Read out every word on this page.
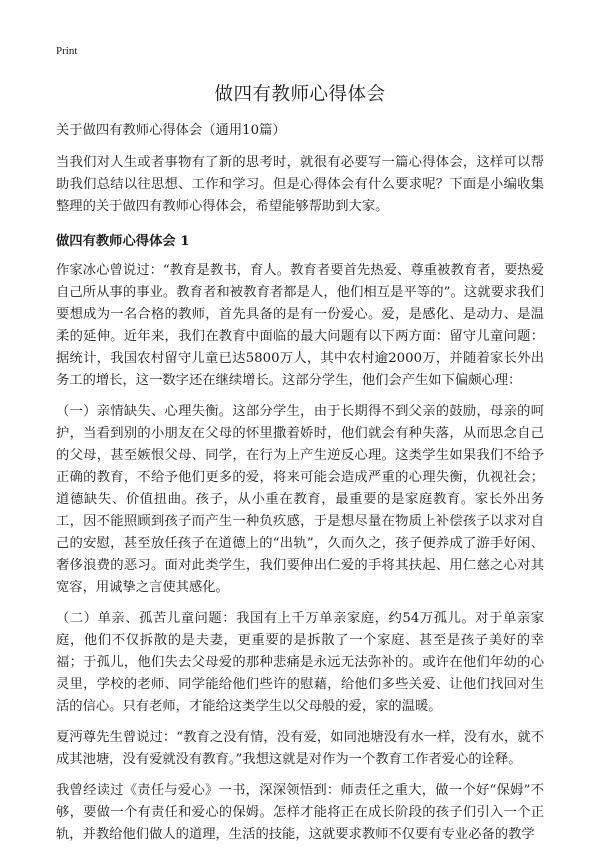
Print
做四有教师心得体会

关于做四有教师心得体会（通用10篇）

当我们对人生或者事物有了新的思考时，就很有必要写一篇心得体会，这样可以帮助我们总结以往思想、工作和学习。但是心得体会有什么要求呢？下面是小编收集整理的关于做四有教师心得体会，希望能够帮助到大家。

做四有教师心得体会 1

作家冰心曾说过：“教育是教书，育人。教育者要首先热爱、尊重被教育者，要热爱自己所从事的事业。教育者和被教育者都是人，他们相互是平等的”。这就要求我们要想成为一名合格的教师，首先具备的是有一份爱心。爱，是感化、是动力、是温柔的延伸。近年来，我们在教育中面临的最大问题有以下两方面：留守儿童问题：据统计，我国农村留守儿童已达5800万人，其中农村逾2000万，并随着家长外出务工的增长，这一数字还在继续增长。这部分学生，他们会产生如下偏颇心理：

（一）亲情缺失、心理失衡。这部分学生，由于长期得不到父亲的鼓励，母亲的呵护，当看到别的小朋友在父母的怀里撒着娇时，他们就会有种失落，从而思念自己的父母，甚至嫉恨父母、同学，在行为上产生逆反心理。这类学生如果我们不给予正确的教育，不给予他们更多的爱，将来可能会造成严重的心理失衡，仇视社会；道德缺失、价值扭曲。孩子，从小重在教育，最重要的是家庭教育。家长外出务工，因不能照顾到孩子而产生一种负疚感，于是想尽量在物质上补偿孩子以求对自己的安慰，甚至放任孩子在道德上的“出轨”，久而久之，孩子便养成了游手好闲、奢侈浪费的恶习。面对此类学生，我们要伸出仁爱的手将其扶起、用仁慈之心对其宽容，用诚挚之言使其感化。

（二）单亲、孤苦儿童问题：我国有上千万单亲家庭，约54万孤儿。对于单亲家庭，他们不仅拆散的是夫妻，更重要的是拆散了一个家庭、甚至是孩子美好的幸福；于孤儿，他们失去父母爱的那种悲痛是永远无法弥补的。或许在他们年幼的心灵里，学校的老师、同学能给他们些许的慰藉，给他们多些关爱、让他们找回对生活的信心。只有老师，才能给这类学生以父母般的爱，家的温暖。

夏沔尊先生曾说过：“教育之没有情，没有爱，如同池塘没有水一样，没有水，就不成其池塘，没有爱就没有教育。”我想这就是对作为一个教育工作者爱心的诠释。

我曾经读过《责任与爱心》一书，深深领悟到：师责任之重大，做一个好“保姆”不够，要做一个有责任和爱心的保姆。怎样才能将正在成长阶段的孩子们引入一个正轨，并教给他们做人的道理，生活的技能，这就要求教师不仅要有专业必备的教学
